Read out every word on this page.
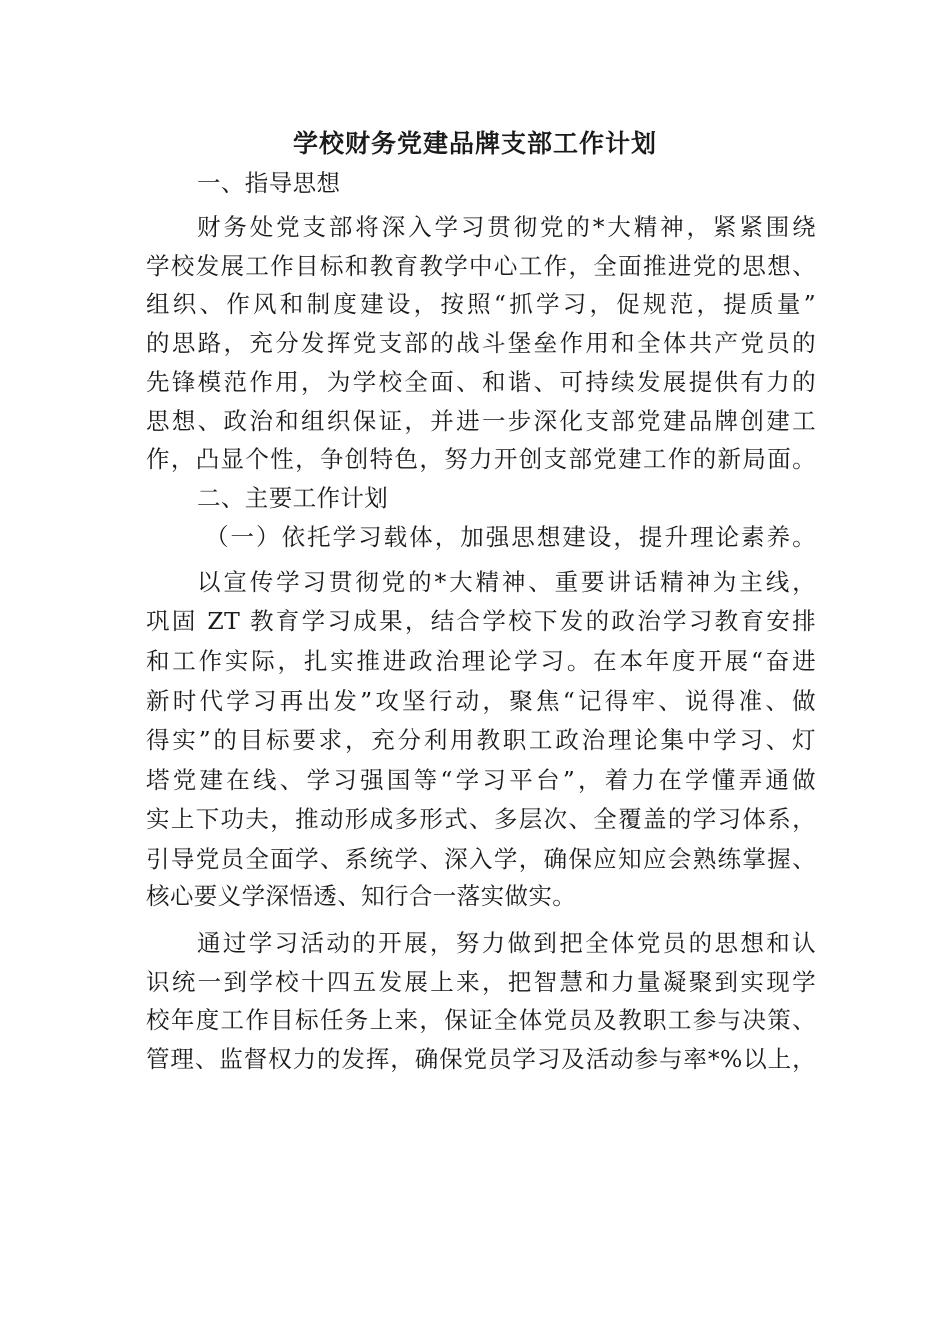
学校财务党建品牌支部工作计划
一、指导思想
财务处党支部将深入学习贯彻党的*大精神，紧紧围绕
学校发展工作目标和教育教学中心工作，全面推进党的思想、
组织、作风和制度建设，按照“抓学习，促规范，提质量”
的思路，充分发挥党支部的战斗堡垒作用和全体共产党员的
先锋模范作用，为学校全面、和谐、可持续发展提供有力的
思想、政治和组织保证，并进一步深化支部党建品牌创建工
作，凸显个性，争创特色，努力开创支部党建工作的新局面。
二、主要工作计划
（一）依托学习载体，加强思想建设，提升理论素养。
以宣传学习贯彻党的*大精神、重要讲话精神为主线，
巩固 ZT 教育学习成果，结合学校下发的政治学习教育安排
和工作实际，扎实推进政治理论学习。在本年度开展“奋进
新时代学习再出发”攻坚行动，聚焦“记得牢、说得准、做
得实”的目标要求，充分利用教职工政治理论集中学习、灯
塔党建在线、学习强国等“学习平台”，着力在学懂弄通做
实上下功夫，推动形成多形式、多层次、全覆盖的学习体系，
引导党员全面学、系统学、深入学，确保应知应会熟练掌握、
核心要义学深悟透、知行合一落实做实。
通过学习活动的开展，努力做到把全体党员的思想和认
识统一到学校十四五发展上来，把智慧和力量凝聚到实现学
校年度工作目标任务上来，保证全体党员及教职工参与决策、
管理、监督权力的发挥，确保党员学习及活动参与率*%以上，
